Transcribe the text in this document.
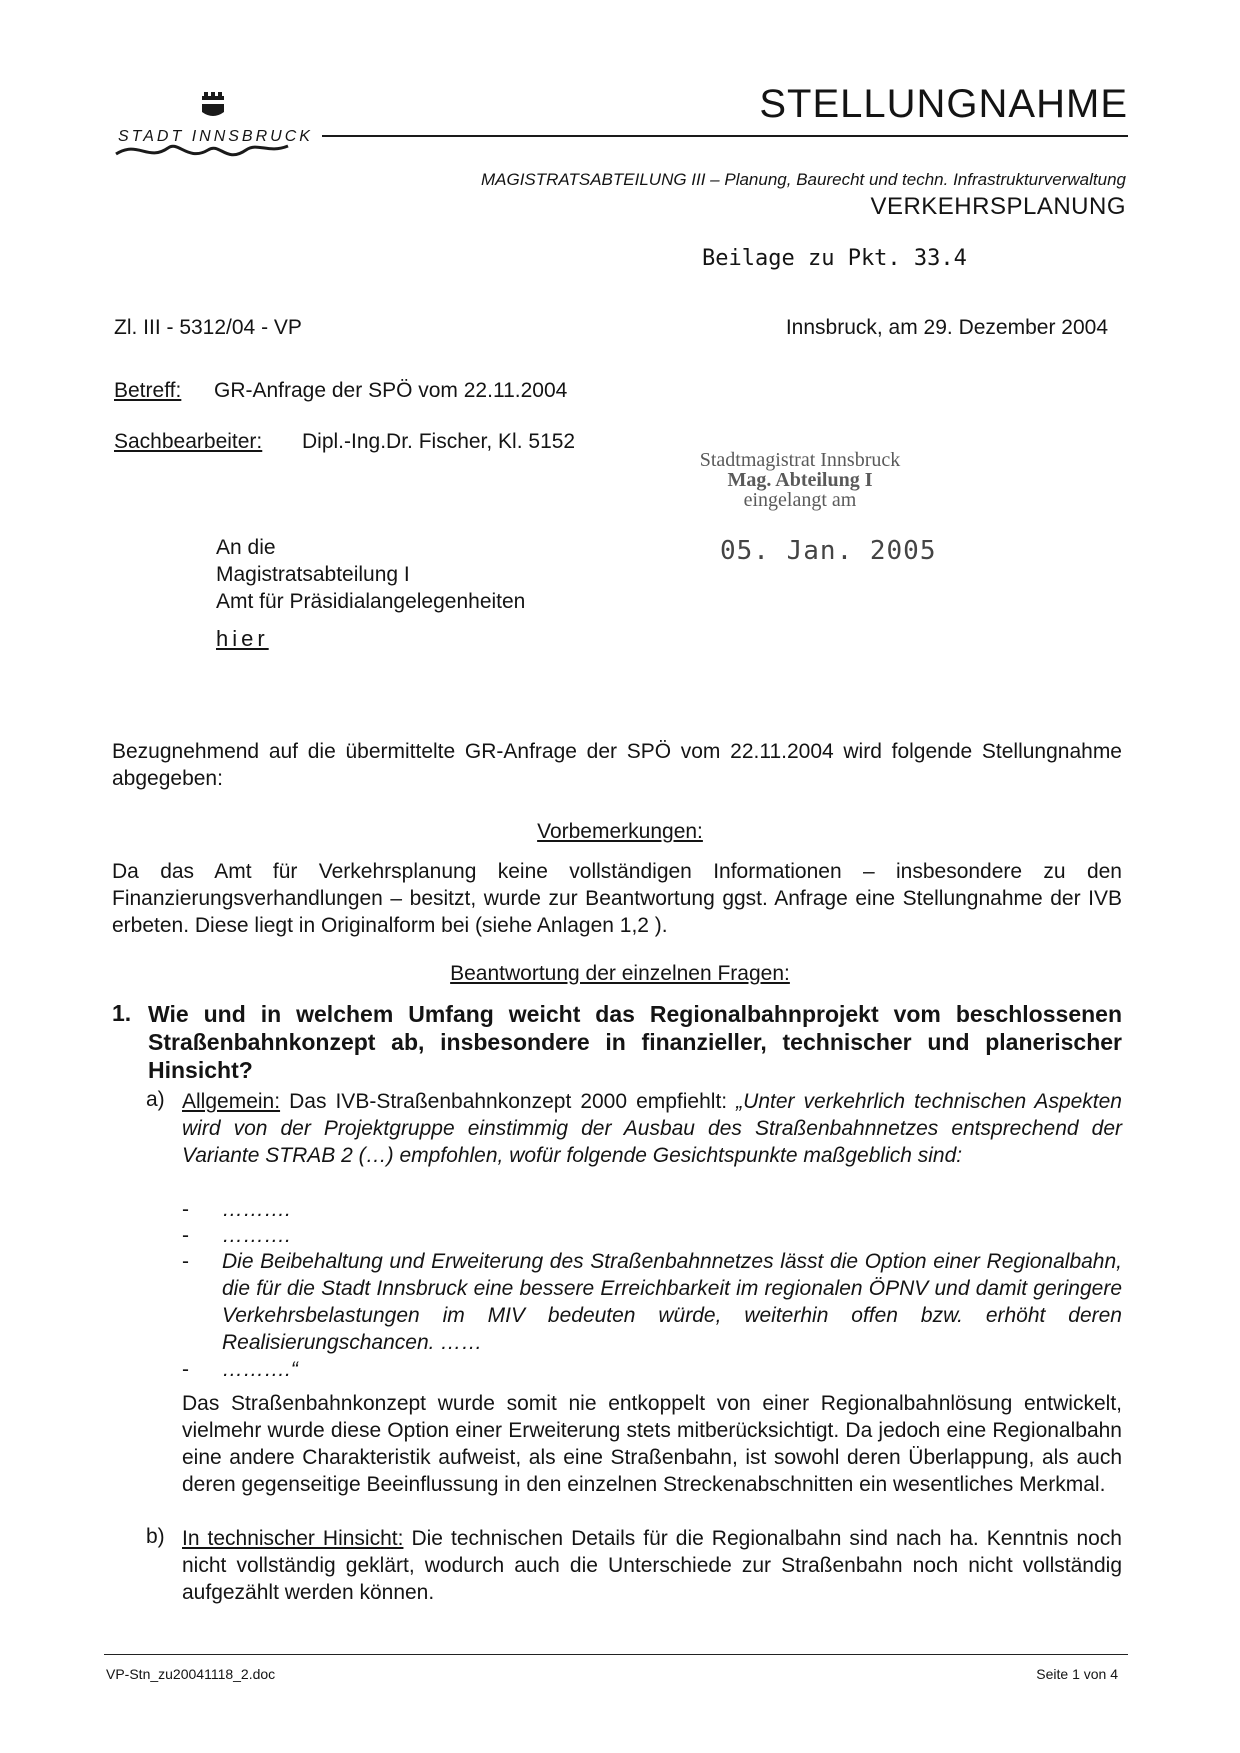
STELLUNGNAHME
STADT INNSBRUCK
MAGISTRATSABTEILUNG III – Planung, Baurecht und techn. Infrastrukturverwaltung
VERKEHRSPLANUNG
Beilage zu Pkt. 33.4
Zl. III - 5312/04 - VP	Innsbruck, am 29. Dezember 2004
Betreff: GR-Anfrage der SPÖ vom 22.11.2004
Sachbearbeiter: Dipl.-Ing.Dr. Fischer, Kl. 5152
Stadtmagistrat Innsbruck
Mag. Abteilung I
eingelangt am
05. Jan. 2005
An die
Magistratsabteilung I
Amt für Präsidialangelegenheiten
hier
Bezugnehmend auf die übermittelte GR-Anfrage der SPÖ vom 22.11.2004 wird folgende Stellungnahme abgegeben:
Vorbemerkungen:
Da das Amt für Verkehrsplanung keine vollständigen Informationen – insbesondere zu den Finanzierungsverhandlungen – besitzt, wurde zur Beantwortung ggst. Anfrage eine Stellungnahme der IVB erbeten. Diese liegt in Originalform bei (siehe Anlagen 1,2 ).
Beantwortung der einzelnen Fragen:
1. Wie und in welchem Umfang weicht das Regionalbahnprojekt vom beschlossenen Straßenbahnkonzept ab, insbesondere in finanzieller, technischer und planerischer Hinsicht?
a) Allgemein: Das IVB-Straßenbahnkonzept 2000 empfiehlt: „Unter verkehrlich technischen Aspekten wird von der Projektgruppe einstimmig der Ausbau des Straßenbahnnetzes entsprechend der Variante STRAB 2 (…) empfohlen, wofür folgende Gesichtspunkte maßgeblich sind:
- ……….
- ……….
- Die Beibehaltung und Erweiterung des Straßenbahnnetzes lässt die Option einer Regionalbahn, die für die Stadt Innsbruck eine bessere Erreichbarkeit im regionalen ÖPNV und damit geringere Verkehrsbelastungen im MIV bedeuten würde, weiterhin offen bzw. erhöht deren Realisierungschancen. ……
- ……….“
Das Straßenbahnkonzept wurde somit nie entkoppelt von einer Regionalbahnlösung entwickelt, vielmehr wurde diese Option einer Erweiterung stets mitberücksichtigt. Da jedoch eine Regionalbahn eine andere Charakteristik aufweist, als eine Straßenbahn, ist sowohl deren Überlappung, als auch deren gegenseitige Beeinflussung in den einzelnen Streckenabschnitten ein wesentliches Merkmal.
b) In technischer Hinsicht: Die technischen Details für die Regionalbahn sind nach ha. Kenntnis noch nicht vollständig geklärt, wodurch auch die Unterschiede zur Straßenbahn noch nicht vollständig aufgezählt werden können.
VP-Stn_zu20041118_2.doc	Seite 1 von 4
